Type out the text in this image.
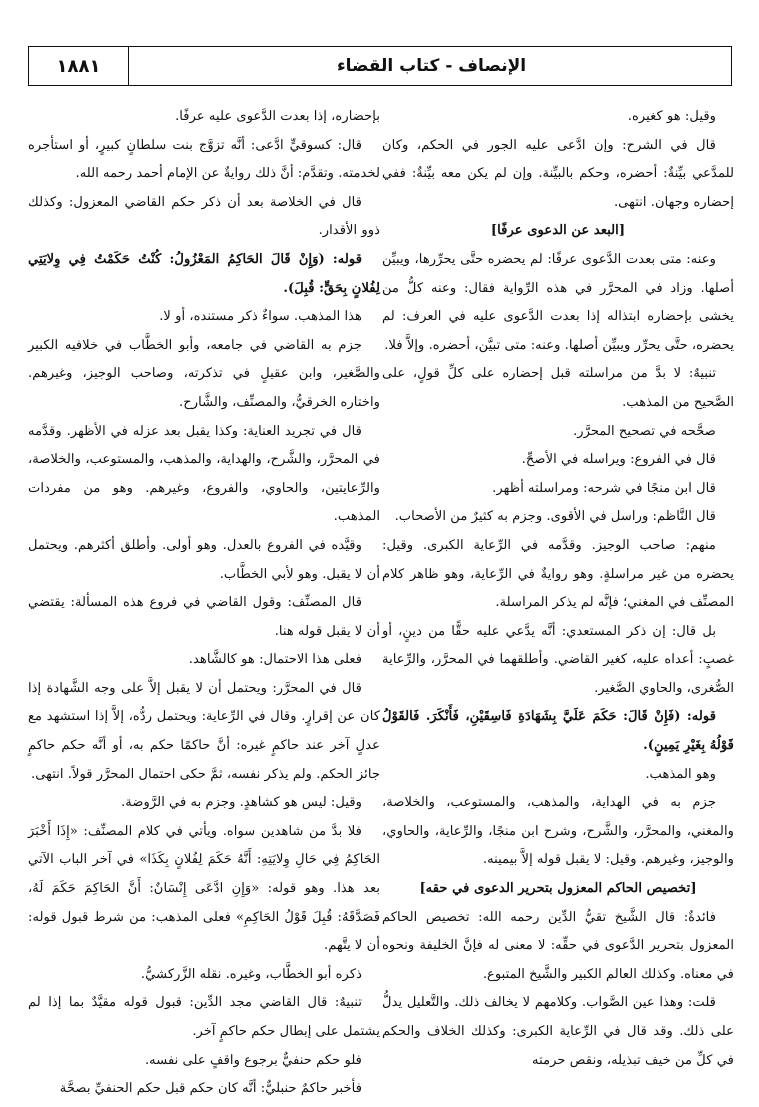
الإنصاف - كتاب القضاء
١٨٨١

وقيل: هو كغيره.

قال في الشرح: وإن ادَّعى عليه الجور في الحكم، وكان للمدَّعي بيِّنةٌ: أحضره، وحكم بالبيِّنة. وإن لم يكن معه بيِّنةٌ: ففي إحضاره وجهان. انتهى.

[البعد عن الدعوى عرفًا]

وعنه: متى بعدت الدَّعوى عرفًا: لم يحضره حتَّى يحرِّرها، ويبيِّن أصلها. وزاد في المحرَّر في هذه الرِّواية فقال: وعنه كلُّ من يخشى بإحضاره ابتذاله إذا بعدت الدَّعوى عليه في العرف: لم يحضره، حتَّى يحرِّر ويبيِّن أصلها. وعنه: متى تبيَّن، أحضره. وإلاَّ فلا.

تنبيهٌ: لا بدَّ من مراسلته قبل إحضاره على كلِّ قولٍ، على الصَّحيح من المذهب.

صحَّحه في تصحيح المحرَّر.

قال في الفروع: ويراسله في الأصحِّ.

قال ابن منجًا في شرحه: ومراسلته أظهر.

قال النَّاظم: وراسل في الأقوى. وجزم به كثيرٌ من الأصحاب.

منهم: صاحب الوجيز. وقدَّمه في الرِّعاية الكبرى. وقيل: يحضره من غير مراسلةٍ. وهو روايةٌ في الرِّعاية، وهو ظاهر كلام المصنِّف في المغني؛ فإنَّه لم يذكر المراسلة.

بل قال: إن ذكر المستعدي: أنَّه يدَّعي عليه حقًّا من دينٍ، أو غصبٍ: أعداه عليه، كغير القاضي. وأطلقهما في المحرَّر، والرِّعاية الصُّغرى، والحاوي الصَّغير.

قوله: (فَإِنْ قَالَ: حَكَمَ عَلَيَّ بِشَهَادَةِ فَاسِقَيْنِ، فَأَنْكَرَ. فَالقَوْلُ قَوْلُهُ بِغَيْرِ يَمِينٍ).

وهو المذهب.

جزم به في الهداية، والمذهب، والمستوعب، والخلاصة، والمغني، والمحرَّر، والشَّرح، وشرح ابن منجًا، والرِّعاية، والحاوي، والوجيز، وغيرهم. وقيل: لا يقبل قوله إلاَّ بيمينه.

[تخصيص الحاكم المعزول بتحرير الدعوى في حقه]

فائدةٌ: قال الشَّيخ تقيُّ الدِّين رحمه الله: تخصيص الحاكم المعزول بتحرير الدَّعوى في حقِّه: لا معنى له فإنَّ الخليفة ونحوه في معناه. وكذلك العالم الكبير والشَّيخ المتبوع.

قلت: وهذا عين الصَّواب. وكلامهم لا يخالف ذلك. والتَّعليل يدلُّ على ذلك. وقد قال في الرِّعاية الكبرى: وكذلك الخلاف والحكم في كلِّ من خيف تبذيله، ونقص حرمته

بإحضاره، إذا بعدت الدَّعوى عليه عرفًا.

قال: كسوقيٍّ ادَّعى: أنَّه تزوَّج بنت سلطانٍ كبيرٍ، أو استأجره لخدمته. وتقدَّم: أنَّ ذلك روايةٌ عن الإمام أحمد رحمه الله.

قال في الخلاصة بعد أن ذكر حكم القاضي المعزول: وكذلك ذوو الأقدار.

قوله: (وَإِنْ قَالَ الحَاكِمُ المَعْزُولُ: كُنْتُ حَكَمْتُ فِي وِلايَتِي لِفُلانٍ بِحَقٍّ: قُبِلَ).

هذا المذهب. سواءٌ ذكر مستنده، أو لا.

جزم به القاضي في جامعه، وأبو الخطَّاب في خلافيه الكبير والصَّغير، وابن عقيلٍ في تذكرته، وصاحب الوجيز، وغيرهم. واختاره الخرقيُّ، والمصنِّف، والشَّارح.

قال في تجريد العناية: وكذا يقبل بعد عزله في الأظهر. وقدَّمه في المحرَّر، والشَّرح، والهداية، والمذهب، والمستوعب، والخلاصة، والرِّعايتين، والحاوي، والفروع، وغيرهم. وهو من مفردات المذهب.

وقيَّده في الفروع بالعدل. وهو أولى. وأطلق أكثرهم. ويحتمل أن لا يقبل. وهو لأبي الخطَّاب.

قال المصنِّف: وقول القاضي في فروع هذه المسألة: يقتضي أن لا يقبل قوله هنا.

فعلى هذا الاحتمال: هو كالشَّاهد.

قال في المحرَّر: ويحتمل أن لا يقبل إلاَّ على وجه الشَّهادة إذا كان عن إقرارٍ. وقال في الرِّعاية: ويحتمل ردُّه، إلاَّ إذا استشهد مع عدلٍ آخر عند حاكمٍ غيره: أنَّ حاكمًا حكم به، أو أنَّه حكم حاكمٍ جائز الحكم. ولم يذكر نفسه، ثمَّ حكى احتمال المحرَّر قولاً. انتهى.

وقيل: ليس هو كشاهدٍ. وجزم به في الرَّوضة.

فلا بدَّ من شاهدين سواه. ويأتي في كلام المصنِّف: «إِذَا أَخْبَرَ الحَاكِمُ فِي حَالِ وِلايَتِهِ: أَنَّهُ حَكَمَ لِفُلانٍ بِكَذَا» في آخر الباب الآتي بعد هذا. وهو قوله: «وَإِنِ ادَّعَى إِنْسَانٌ: أَنَّ الحَاكِمَ حَكَمَ لَهُ، فَصَدَّقَهُ: قُبِلَ قَوْلُ الحَاكِمِ» فعلى المذهب: من شرط قبول قوله: أن لا يتَّهم.

ذكره أبو الخطَّاب، وغيره. نقله الزَّركشيُّ.

تنبيهٌ: قال القاضي مجد الدِّين: قبول قوله مقيَّدٌ بما إذا لم يشتمل على إبطال حكم حاكمٍ آخر.

فلو حكم حنفيٌّ برجوع واقفٍ على نفسه.

فأخبر حاكمٌ حنبليٌّ: أنَّه كان حكم قبل حكم الحنفيِّ بصحَّة
